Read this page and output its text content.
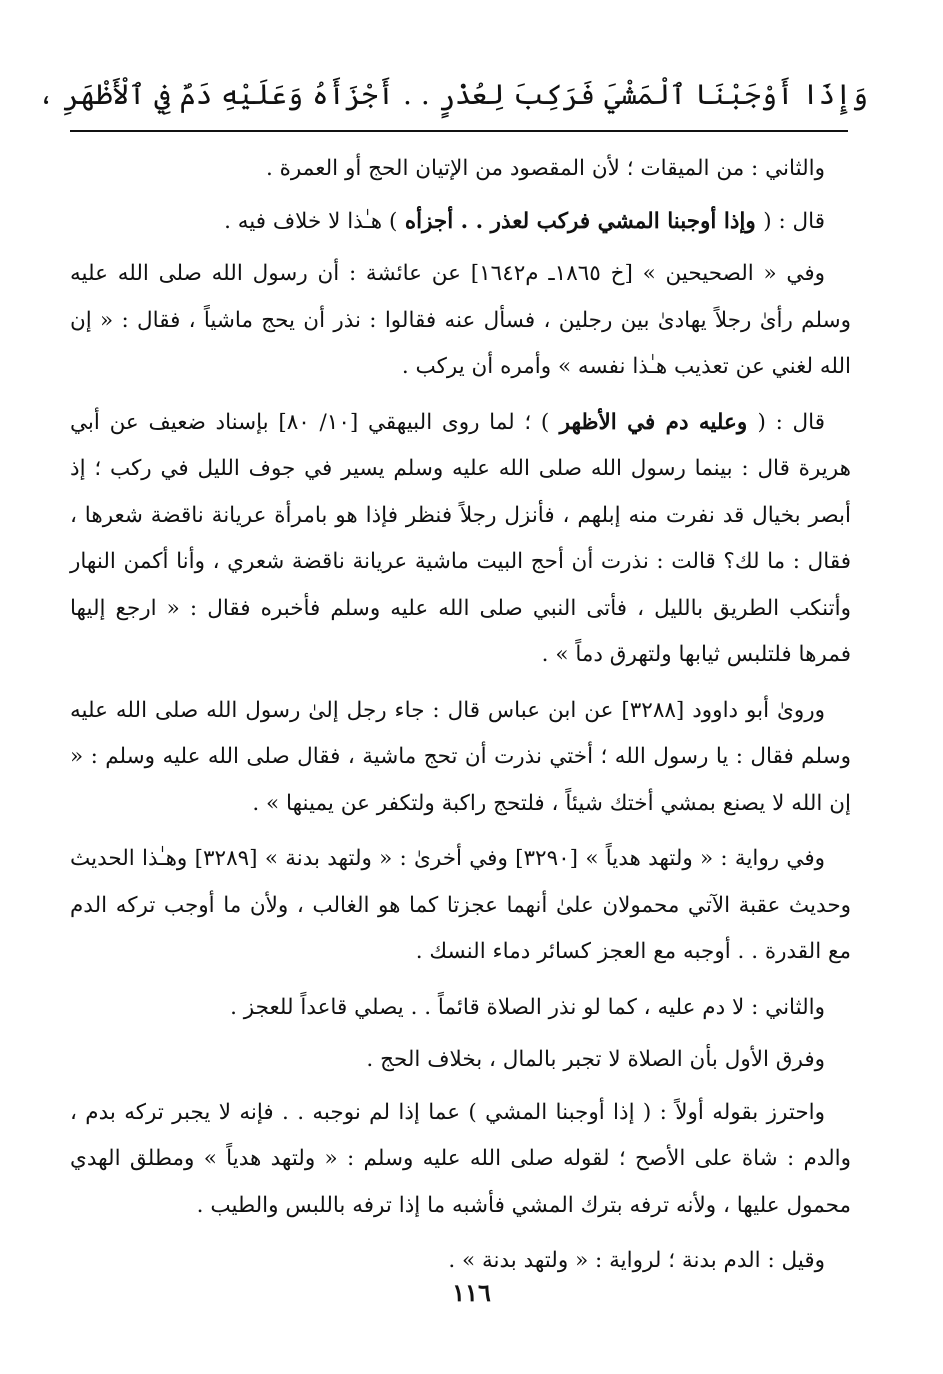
وَإِذَا أَوْجَبْنَا ٱلْمَشْيَ فَرَكِبَ لِعُذْرٍ . . أَجْزَأَهُ وَعَلَيْهِ دَمٌ فِي ٱلْأَظْهَرِ ،

والثاني : من الميقات ؛ لأن المقصود من الإتيان الحج أو العمرة .

قال : ( وإذا أوجبنا المشي فركب لعذر . . أجزأه ) هـٰذا لا خلاف فيه .

وفي « الصحيحين » [خ ١٨٦٥ـ م١٦٤٢] عن عائشة : أن رسول الله صلى الله عليه وسلم رأىٰ رجلاً يهادىٰ بين رجلين ، فسأل عنه فقالوا : نذر أن يحج ماشياً ، فقال : « إن الله لغني عن تعذيب هـٰذا نفسه » وأمره أن يركب .

قال : ( وعليه دم في الأظهر ) ؛ لما روى البيهقي [١٠/ ٨٠] بإسناد ضعيف عن أبي هريرة قال : بينما رسول الله صلى الله عليه وسلم يسير في جوف الليل في ركب ؛ إذ أبصر بخيال قد نفرت منه إبلهم ، فأنزل رجلاً فنظر فإذا هو بامرأة عريانة ناقضة شعرها ، فقال : ما لك؟ قالت : نذرت أن أحج البيت ماشية عريانة ناقضة شعري ، وأنا أكمن النهار وأتنكب الطريق بالليل ، فأتى النبي صلى الله عليه وسلم فأخبره فقال : « ارجع إليها فمرها فلتلبس ثيابها ولتهرق دماً » .

وروىٰ أبو داوود [٣٢٨٨] عن ابن عباس قال : جاء رجل إلىٰ رسول الله صلى الله عليه وسلم فقال : يا رسول الله ؛ أختي نذرت أن تحج ماشية ، فقال صلى الله عليه وسلم : « إن الله لا يصنع بمشي أختك شيئاً ، فلتحج راكبة ولتكفر عن يمينها » .

وفي رواية : « ولتهد هدياً » [٣٢٩٠] وفي أخرىٰ : « ولتهد بدنة » [٣٢٨٩] وهـٰذا الحديث وحديث عقبة الآتي محمولان علىٰ أنهما عجزتا كما هو الغالب ، ولأن ما أوجب تركه الدم مع القدرة . . أوجبه مع العجز كسائر دماء النسك .

والثاني : لا دم عليه ، كما لو نذر الصلاة قائماً . . يصلي قاعداً للعجز .

وفرق الأول بأن الصلاة لا تجبر بالمال ، بخلاف الحج .

واحترز بقوله أولاً : ( إذا أوجبنا المشي ) عما إذا لم نوجبه . . فإنه لا يجبر تركه بدم ، والدم : شاة على الأصح ؛ لقوله صلى الله عليه وسلم : « ولتهد هدياً » ومطلق الهدي محمول عليها ، ولأنه ترفه بترك المشي فأشبه ما إذا ترفه باللبس والطيب .

وقيل : الدم بدنة ؛ لرواية : « ولتهد بدنة » .

١١٦
